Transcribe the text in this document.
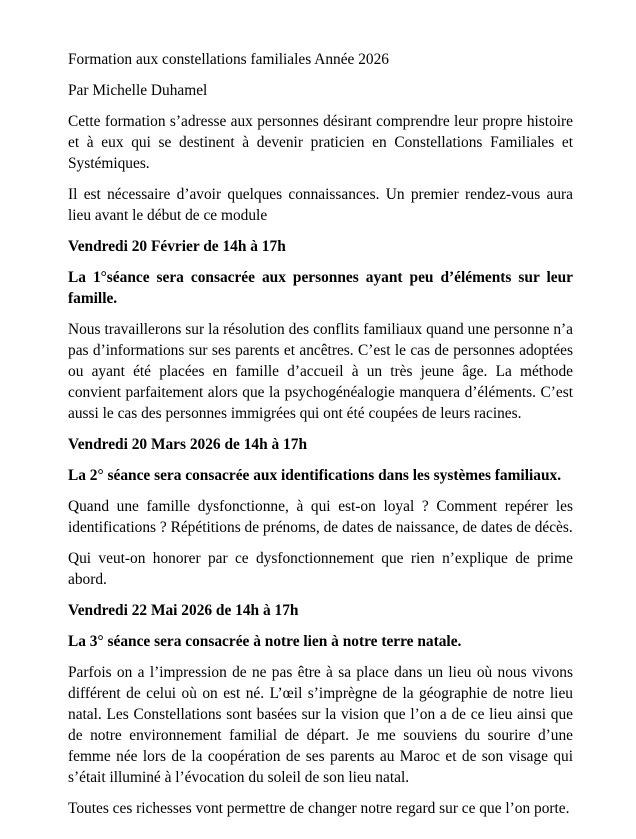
Formation aux constellations familiales Année 2026

Par Michelle Duhamel

Cette formation s’adresse aux personnes désirant comprendre leur propre histoire et à eux qui se destinent à devenir praticien en Constellations Familiales et Systémiques.

Il est nécessaire d’avoir quelques connaissances. Un premier rendez-vous aura lieu avant le début de ce module

Vendredi 20 Février de 14h à 17h

La 1°séance sera consacrée aux personnes ayant peu d’éléments sur leur famille.

Nous travaillerons sur la résolution des conflits familiaux quand une personne n’a pas d’informations sur ses parents et ancêtres. C’est le cas de personnes adoptées ou ayant été placées en famille d’accueil à un très jeune âge. La méthode convient parfaitement alors que la psychogénéalogie manquera d’éléments. C’est aussi le cas des personnes immigrées qui ont été coupées de leurs racines.

Vendredi 20 Mars 2026 de 14h à 17h

La 2° séance sera consacrée aux identifications dans les systèmes familiaux.

Quand une famille dysfonctionne, à qui est-on loyal ? Comment repérer les identifications ? Répétitions de prénoms, de dates de naissance, de dates de décès.

Qui veut-on honorer par ce dysfonctionnement que rien n’explique de prime abord.

Vendredi 22 Mai 2026 de 14h à 17h

La 3° séance sera consacrée à notre lien à notre terre natale.

Parfois on a l’impression de ne pas être à sa place dans un lieu où nous vivons différent de celui où on est né. L’œil s’imprègne de la géographie de notre lieu natal. Les Constellations sont basées sur la vision que l’on a de ce lieu ainsi que de notre environnement familial de départ. Je me souviens du sourire d’une femme née lors de la coopération de ses parents au Maroc et de son visage qui s’était illuminé à l’évocation du soleil de son lieu natal.

Toutes ces richesses vont permettre de changer notre regard sur ce que l’on porte.
